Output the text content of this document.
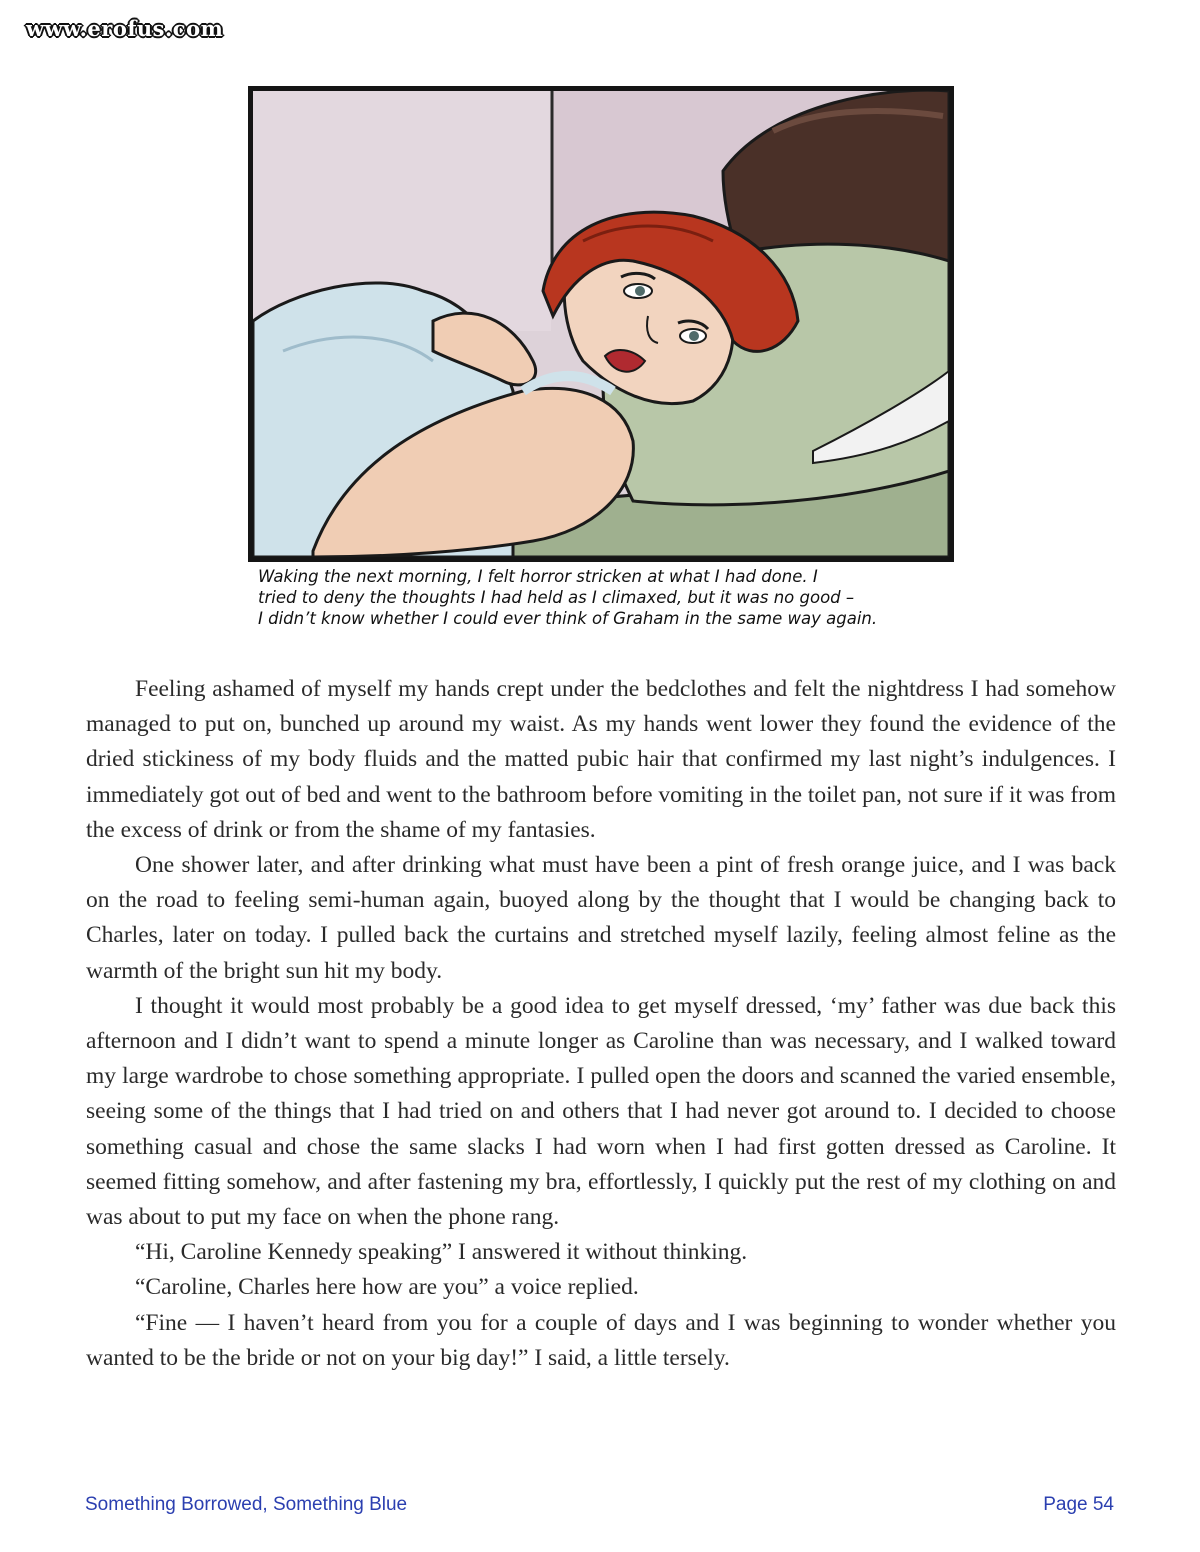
www.erofus.com
Waking the next morning, I felt horror stricken at what I had done. I
tried to deny the thoughts I had held as I climaxed, but it was no good –
I didn’t know whether I could ever think of Graham in the same way again.

Feeling ashamed of myself my hands crept under the bedclothes and felt the nightdress I had somehow managed to put on, bunched up around my waist. As my hands went lower they found the evidence of the dried stickiness of my body fluids and the matted pubic hair that confirmed my last night’s indulgences. I immediately got out of bed and went to the bathroom before vomiting in the toilet pan, not sure if it was from the excess of drink or from the shame of my fantasies.

One shower later, and after drinking what must have been a pint of fresh orange juice, and I was back on the road to feeling semi-human again, buoyed along by the thought that I would be changing back to Charles, later on today. I pulled back the curtains and stretched myself lazily, feeling almost feline as the warmth of the bright sun hit my body.

I thought it would most probably be a good idea to get myself dressed, ‘my’ father was due back this afternoon and I didn’t want to spend a minute longer as Caroline than was necessary, and I walked toward my large wardrobe to chose something appropriate. I pulled open the doors and scanned the varied ensemble, seeing some of the things that I had tried on and others that I had never got around to. I decided to choose something casual and chose the same slacks I had worn when I had first gotten dressed as Caroline. It seemed fitting somehow, and after fastening my bra, effortlessly, I quickly put the rest of my clothing on and was about to put my face on when the phone rang.

“Hi, Caroline Kennedy speaking” I answered it without thinking.

“Caroline, Charles here how are you” a voice replied.

“Fine — I haven’t heard from you for a couple of days and I was beginning to wonder whether you wanted to be the bride or not on your big day!” I said, a little tersely.

Something Borrowed, Something Blue	Page 54
